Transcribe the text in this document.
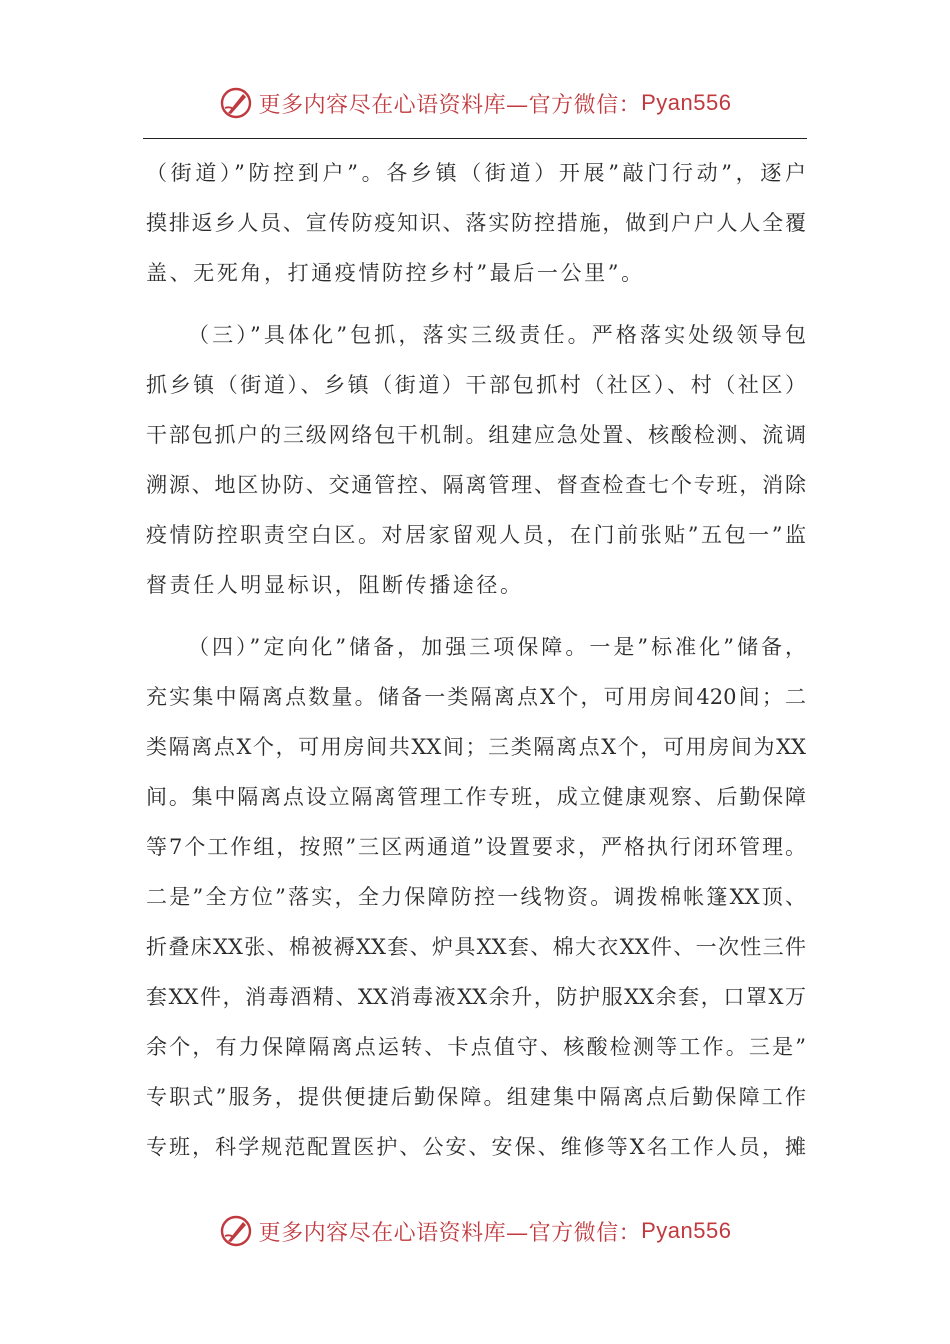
更多内容尽在心语资料库—官方微信： Pyan556
（街道）”防控到户”。各乡镇（街道）开展”敲门行动”，逐户
摸排返乡人员、宣传防疫知识、落实防控措施，做到户户人人全覆
盖、无死角，打通疫情防控乡村”最后一公里”。
（三）”具体化”包抓，落实三级责任。严格落实处级领导包
抓乡镇（街道）、乡镇（街道）干部包抓村（社区）、村（社区）
干部包抓户的三级网络包干机制。组建应急处置、核酸检测、流调
溯源、地区协防、交通管控、隔离管理、督查检查七个专班，消除
疫情防控职责空白区。对居家留观人员，在门前张贴”五包一”监
督责任人明显标识，阻断传播途径。
（四）”定向化”储备，加强三项保障。一是”标准化”储备，
充实集中隔离点数量。储备一类隔离点X个，可用房间420间；二
类隔离点X个，可用房间共XX间；三类隔离点X个，可用房间为XX
间。集中隔离点设立隔离管理工作专班，成立健康观察、后勤保障
等7个工作组，按照”三区两通道”设置要求，严格执行闭环管理。
二是”全方位”落实，全力保障防控一线物资。调拨棉帐篷XX顶、
折叠床XX张、棉被褥XX套、炉具XX套、棉大衣XX件、一次性三件
套XX件，消毒酒精、XX消毒液XX余升，防护服XX余套，口罩X万
余个，有力保障隔离点运转、卡点值守、核酸检测等工作。三是”
专职式”服务，提供便捷后勤保障。组建集中隔离点后勤保障工作
专班，科学规范配置医护、公安、安保、维修等X名工作人员，摊
更多内容尽在心语资料库—官方微信： Pyan556
